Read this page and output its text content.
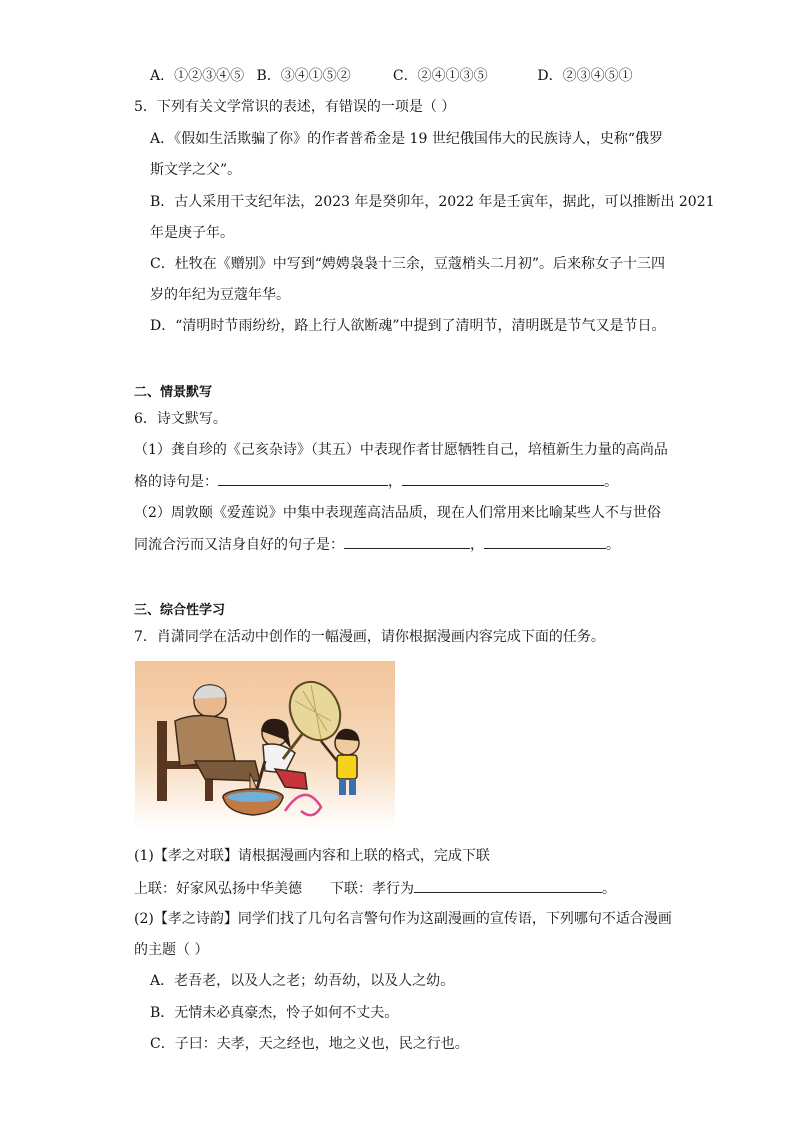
A．①②③④⑤ B．③④①⑤②	C．②④①③⑤	D．②③④⑤①
5．下列有关文学常识的表述，有错误的一项是（ ）
A．《假如生活欺骗了你》的作者普希金是 19 世纪俄国伟大的民族诗人，史称“俄罗
斯文学之父”。
B．古人采用干支纪年法，2023 年是癸卯年，2022 年是壬寅年，据此，可以推断出 2021
年是庚子年。
C．杜牧在《赠别》中写到“娉娉袅袅十三余，豆蔻梢头二月初”。后来称女子十三四
岁的年纪为豆蔻年华。
D．“清明时节雨纷纷，路上行人欲断魂”中提到了清明节，清明既是节气又是节日。
二、情景默写
6．诗文默写。
（1）龚自珍的《己亥杂诗》（其五）中表现作者甘愿牺牲自己，培植新生力量的高尚品
格的诗句是：	，	。
（2）周敦颐《爱莲说》中集中表现莲高洁品质，现在人们常用来比喻某些人不与世俗
同流合污而又洁身自好的句子是：	，	。
三、综合性学习
7．肖潇同学在活动中创作的一幅漫画，请你根据漫画内容完成下面的任务。
(1)【孝之对联】请根据漫画内容和上联的格式，完成下联
上联：好家风弘扬中华美德 下联：孝行为	。
(2)【孝之诗韵】同学们找了几句名言警句作为这副漫画的宣传语，下列哪句不适合漫画
的主题（ ）
A．老吾老，以及人之老；幼吾幼，以及人之幼。
B．无情未必真豪杰，怜子如何不丈夫。
C．子曰：夫孝，天之经也，地之义也，民之行也。
